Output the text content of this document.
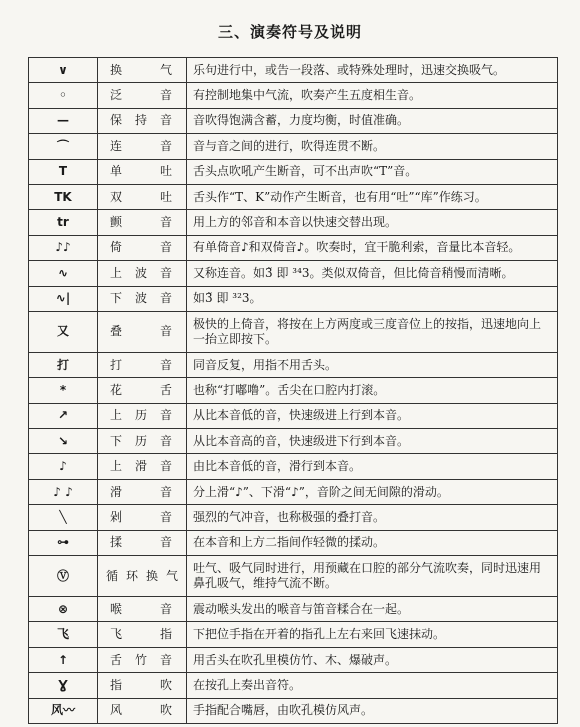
三、演奏符号及说明
∨	换 气	乐句进行中，或告一段落、或特殊处理时，迅速交换吸气。
◦	泛 音	有控制地集中气流，吹奏产生五度相生音。
—	保 持 音	音吹得饱满含蓄，力度均衡，时值准确。
⌒	连 音	音与音之间的进行，吹得连贯不断。
T	单 吐	舌头点吹吼产生断音，可不出声吹“T”音。
TK	双 吐	舌头作“T、K”动作产生断音，也有用“吐”“库”作练习。
tr	颤 音	用上方的邻音和本音以快速交替出现。
♪♪	倚 音	有单倚音♪和双倚音♪。吹奏时，宜干脆利索，音量比本音轻。
∿	上 波 音	又称连音。如3̃ 即 ³⁴3。类似双倚音，但比倚音稍慢而清晰。
∿|	下 波 音	如3̃ 即 ³²3。
又	叠 音	极快的上倚音，将按在上方两度或三度音位上的按指，迅速地向上一抬立即按下。
打	打 音	同音反复，用指不用舌头。
*	花 舌	也称“打嘟噜”。舌尖在口腔内打滚。
↗	上 历 音	从比本音低的音，快速级进上行到本音。
↘	下 历 音	从比本音高的音，快速级进下行到本音。
♪	上 滑 音	由比本音低的音，滑行到本音。
♪ ♪	滑 音	分上滑“♪”、下滑“♪”，音阶之间无间隙的滑动。
╲	剁 音	强烈的气冲音，也称极强的叠打音。
⊶	揉 音	在本音和上方二指间作轻微的揉动。
Ⓥ	循 环 换 气	吐气、吸气同时进行，用预藏在口腔的部分气流吹奏，同时迅速用鼻孔吸气，维持气流不断。
⊗	喉 音	震动喉头发出的喉音与笛音糅合在一起。
飞	飞 指	下把位手指在开着的指孔上左右来回飞速抹动。
↑	舌 竹 音	用舌头在吹孔里模仿竹、木、爆破声。
Ɣ	指 吹	在按孔上奏出音符。
风〰	风 吹	手指配合嘴唇，由吹孔模仿风声。
